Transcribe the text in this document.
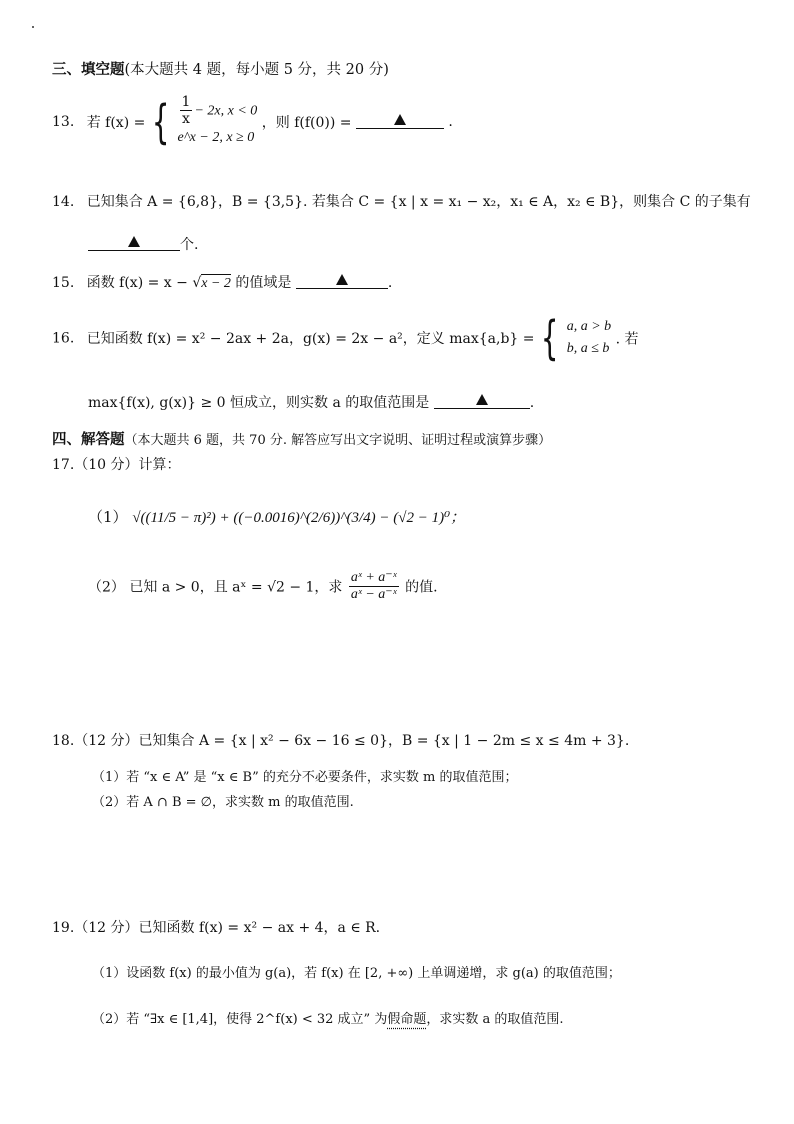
三、填空题(本大题共 4 题，每小题 5 分，共 20 分)
13. 若 f(x) = { $\frac{1}{x} - 2x$, x < 0
e^x − 2, x ≥ 0
，则 f(f(0)) =	.
14. 已知集合 A = {6,8}，B = {3,5}. 若集合 C = {x | x = x₁ − x₂，x₁ ∈ A，x₂ ∈ B}，则集合 C 的子集有
个.
15. 函数 f(x) = x − √x − 2 的值域是	.
16. 已知函数 f(x) = x² − 2ax + 2a，g(x) = 2x − a²，定义 max{a,b} = { a, a > b
b, a ≤ b
. 若
max{f(x), g(x)} ≥ 0 恒成立，则实数 a 的取值范围是	.
四、解答题（本大题共 6 题，共 70 分. 解答应写出文字说明、证明过程或演算步骤）
17.（10 分）计算：
（1） √((11/5 − π)²) + ((−0.0016)^(2/6))^(3/4) − (√2 − 1)⁰；
（2） 已知 a > 0，且 aˣ = √2 − 1，求 $\frac{\text{aˣ + a⁻ˣ}}{\text{aˣ − a⁻ˣ}}$ 的值.
18.（12 分）已知集合 A = {x | x² − 6x − 16 ≤ 0}，B = {x | 1 − 2m ≤ x ≤ 4m + 3}.
（1）若 “x ∈ A” 是 “x ∈ B” 的充分不必要条件，求实数 m 的取值范围；
（2）若 A ∩ B = ∅，求实数 m 的取值范围.
19.（12 分）已知函数 f(x) = x² − ax + 4，a ∈ R.
（1）设函数 f(x) 的最小值为 g(a)，若 f(x) 在 [2, +∞) 上单调递增，求 g(a) 的取值范围；
（2）若 “∃x ∈ [1,4]，使得 2^f(x) < 32 成立” 为假命题，求实数 a 的取值范围.
